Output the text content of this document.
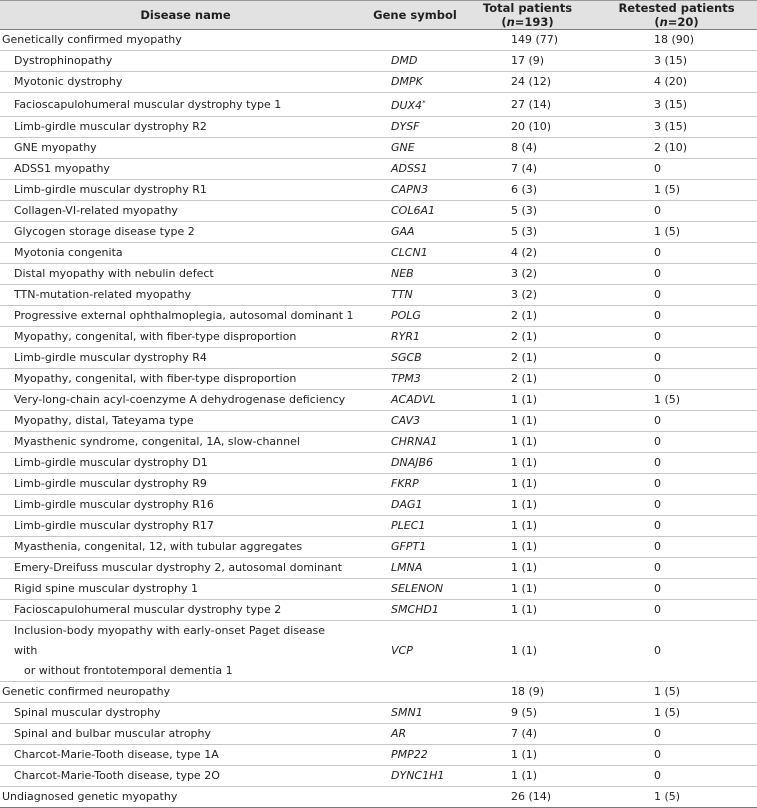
Disease name	Gene symbol	Total patients (n=193)	Retested patients (n=20)
Genetically confirmed myopathy		149 (77)	18 (90)
Dystrophinopathy	DMD	17 (9)	3 (15)
Myotonic dystrophy	DMPK	24 (12)	4 (20)
Facioscapulohumeral muscular dystrophy type 1	DUX4*	27 (14)	3 (15)
Limb-girdle muscular dystrophy R2	DYSF	20 (10)	3 (15)
GNE myopathy	GNE	8 (4)	2 (10)
ADSS1 myopathy	ADSS1	7 (4)	0
Limb-girdle muscular dystrophy R1	CAPN3	6 (3)	1 (5)
Collagen-VI-related myopathy	COL6A1	5 (3)	0
Glycogen storage disease type 2	GAA	5 (3)	1 (5)
Myotonia congenita	CLCN1	4 (2)	0
Distal myopathy with nebulin defect	NEB	3 (2)	0
TTN-mutation-related myopathy	TTN	3 (2)	0
Progressive external ophthalmoplegia, autosomal dominant 1	POLG	2 (1)	0
Myopathy, congenital, with fiber-type disproportion	RYR1	2 (1)	0
Limb-girdle muscular dystrophy R4	SGCB	2 (1)	0
Myopathy, congenital, with fiber-type disproportion	TPM3	2 (1)	0
Very-long-chain acyl-coenzyme A dehydrogenase deficiency	ACADVL	1 (1)	1 (5)
Myopathy, distal, Tateyama type	CAV3	1 (1)	0
Myasthenic syndrome, congenital, 1A, slow-channel	CHRNA1	1 (1)	0
Limb-girdle muscular dystrophy D1	DNAJB6	1 (1)	0
Limb-girdle muscular dystrophy R9	FKRP	1 (1)	0
Limb-girdle muscular dystrophy R16	DAG1	1 (1)	0
Limb-girdle muscular dystrophy R17	PLEC1	1 (1)	0
Myasthenia, congenital, 12, with tubular aggregates	GFPT1	1 (1)	0
Emery-Dreifuss muscular dystrophy 2, autosomal dominant	LMNA	1 (1)	0
Rigid spine muscular dystrophy 1	SELENON	1 (1)	0
Facioscapulohumeral muscular dystrophy type 2	SMCHD1	1 (1)	0

Inclusion-body myopathy with early-onset Paget disease with
or without frontotemporal dementia 1	VCP	1 (1)	0
Genetic confirmed neuropathy		18 (9)	1 (5)
Spinal muscular dystrophy	SMN1	9 (5)	1 (5)
Spinal and bulbar muscular atrophy	AR	7 (4)	0
Charcot-Marie-Tooth disease, type 1A	PMP22	1 (1)	0
Charcot-Marie-Tooth disease, type 2O	DYNC1H1	1 (1)	0
Undiagnosed genetic myopathy		26 (14)	1 (5)
